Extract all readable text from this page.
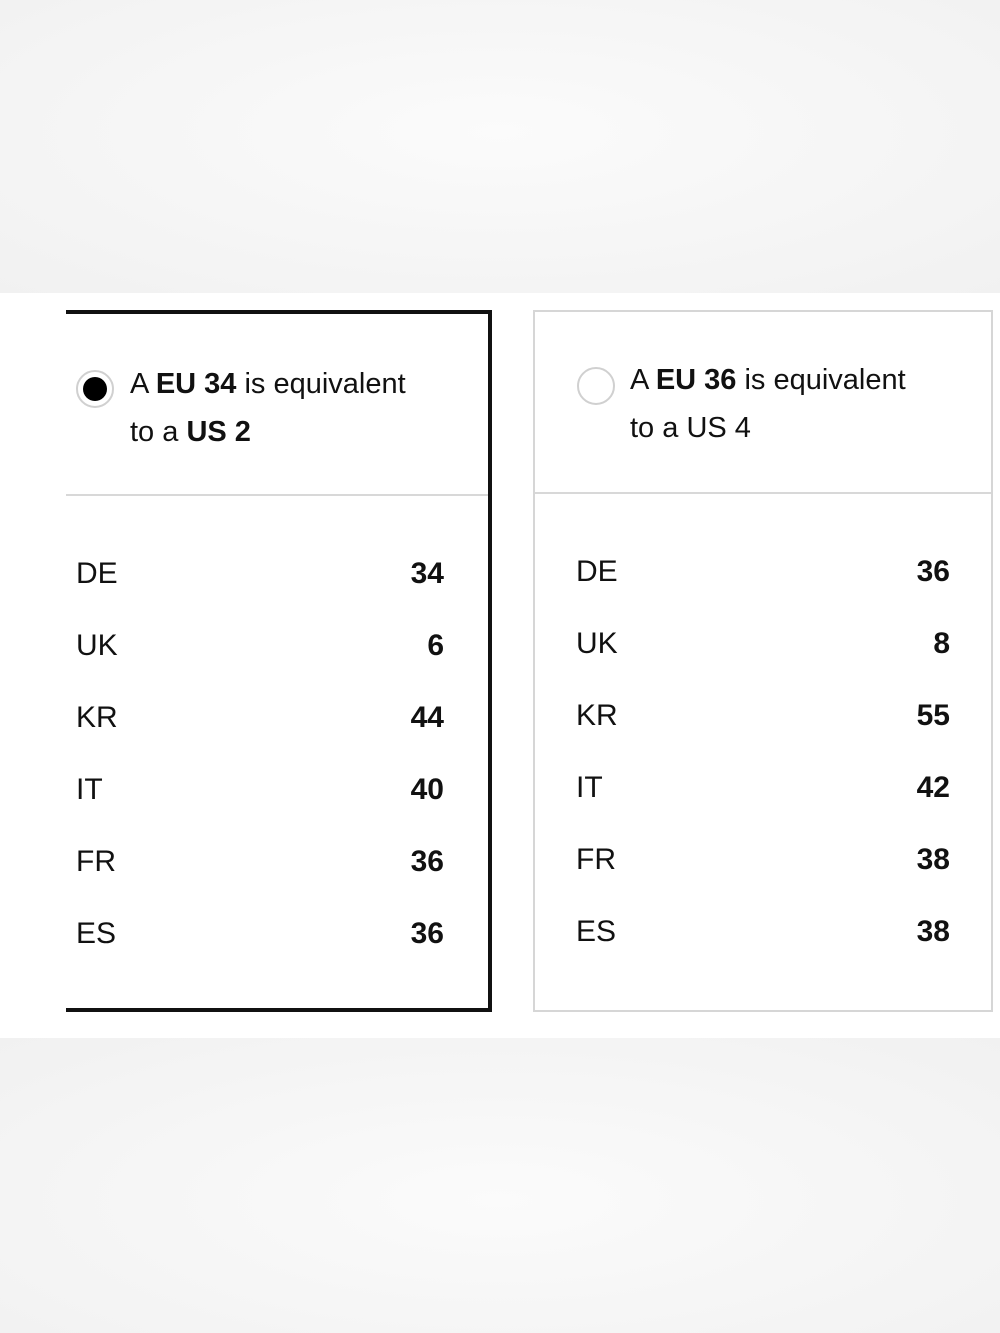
A EU 34 is equivalent
to a US 2
DE	34
UK	6
KR	44
IT	40
FR	36
ES	36
A EU 36 is equivalent
to a US 4
DE	36
UK	8
KR	55
IT	42
FR	38
ES	38
